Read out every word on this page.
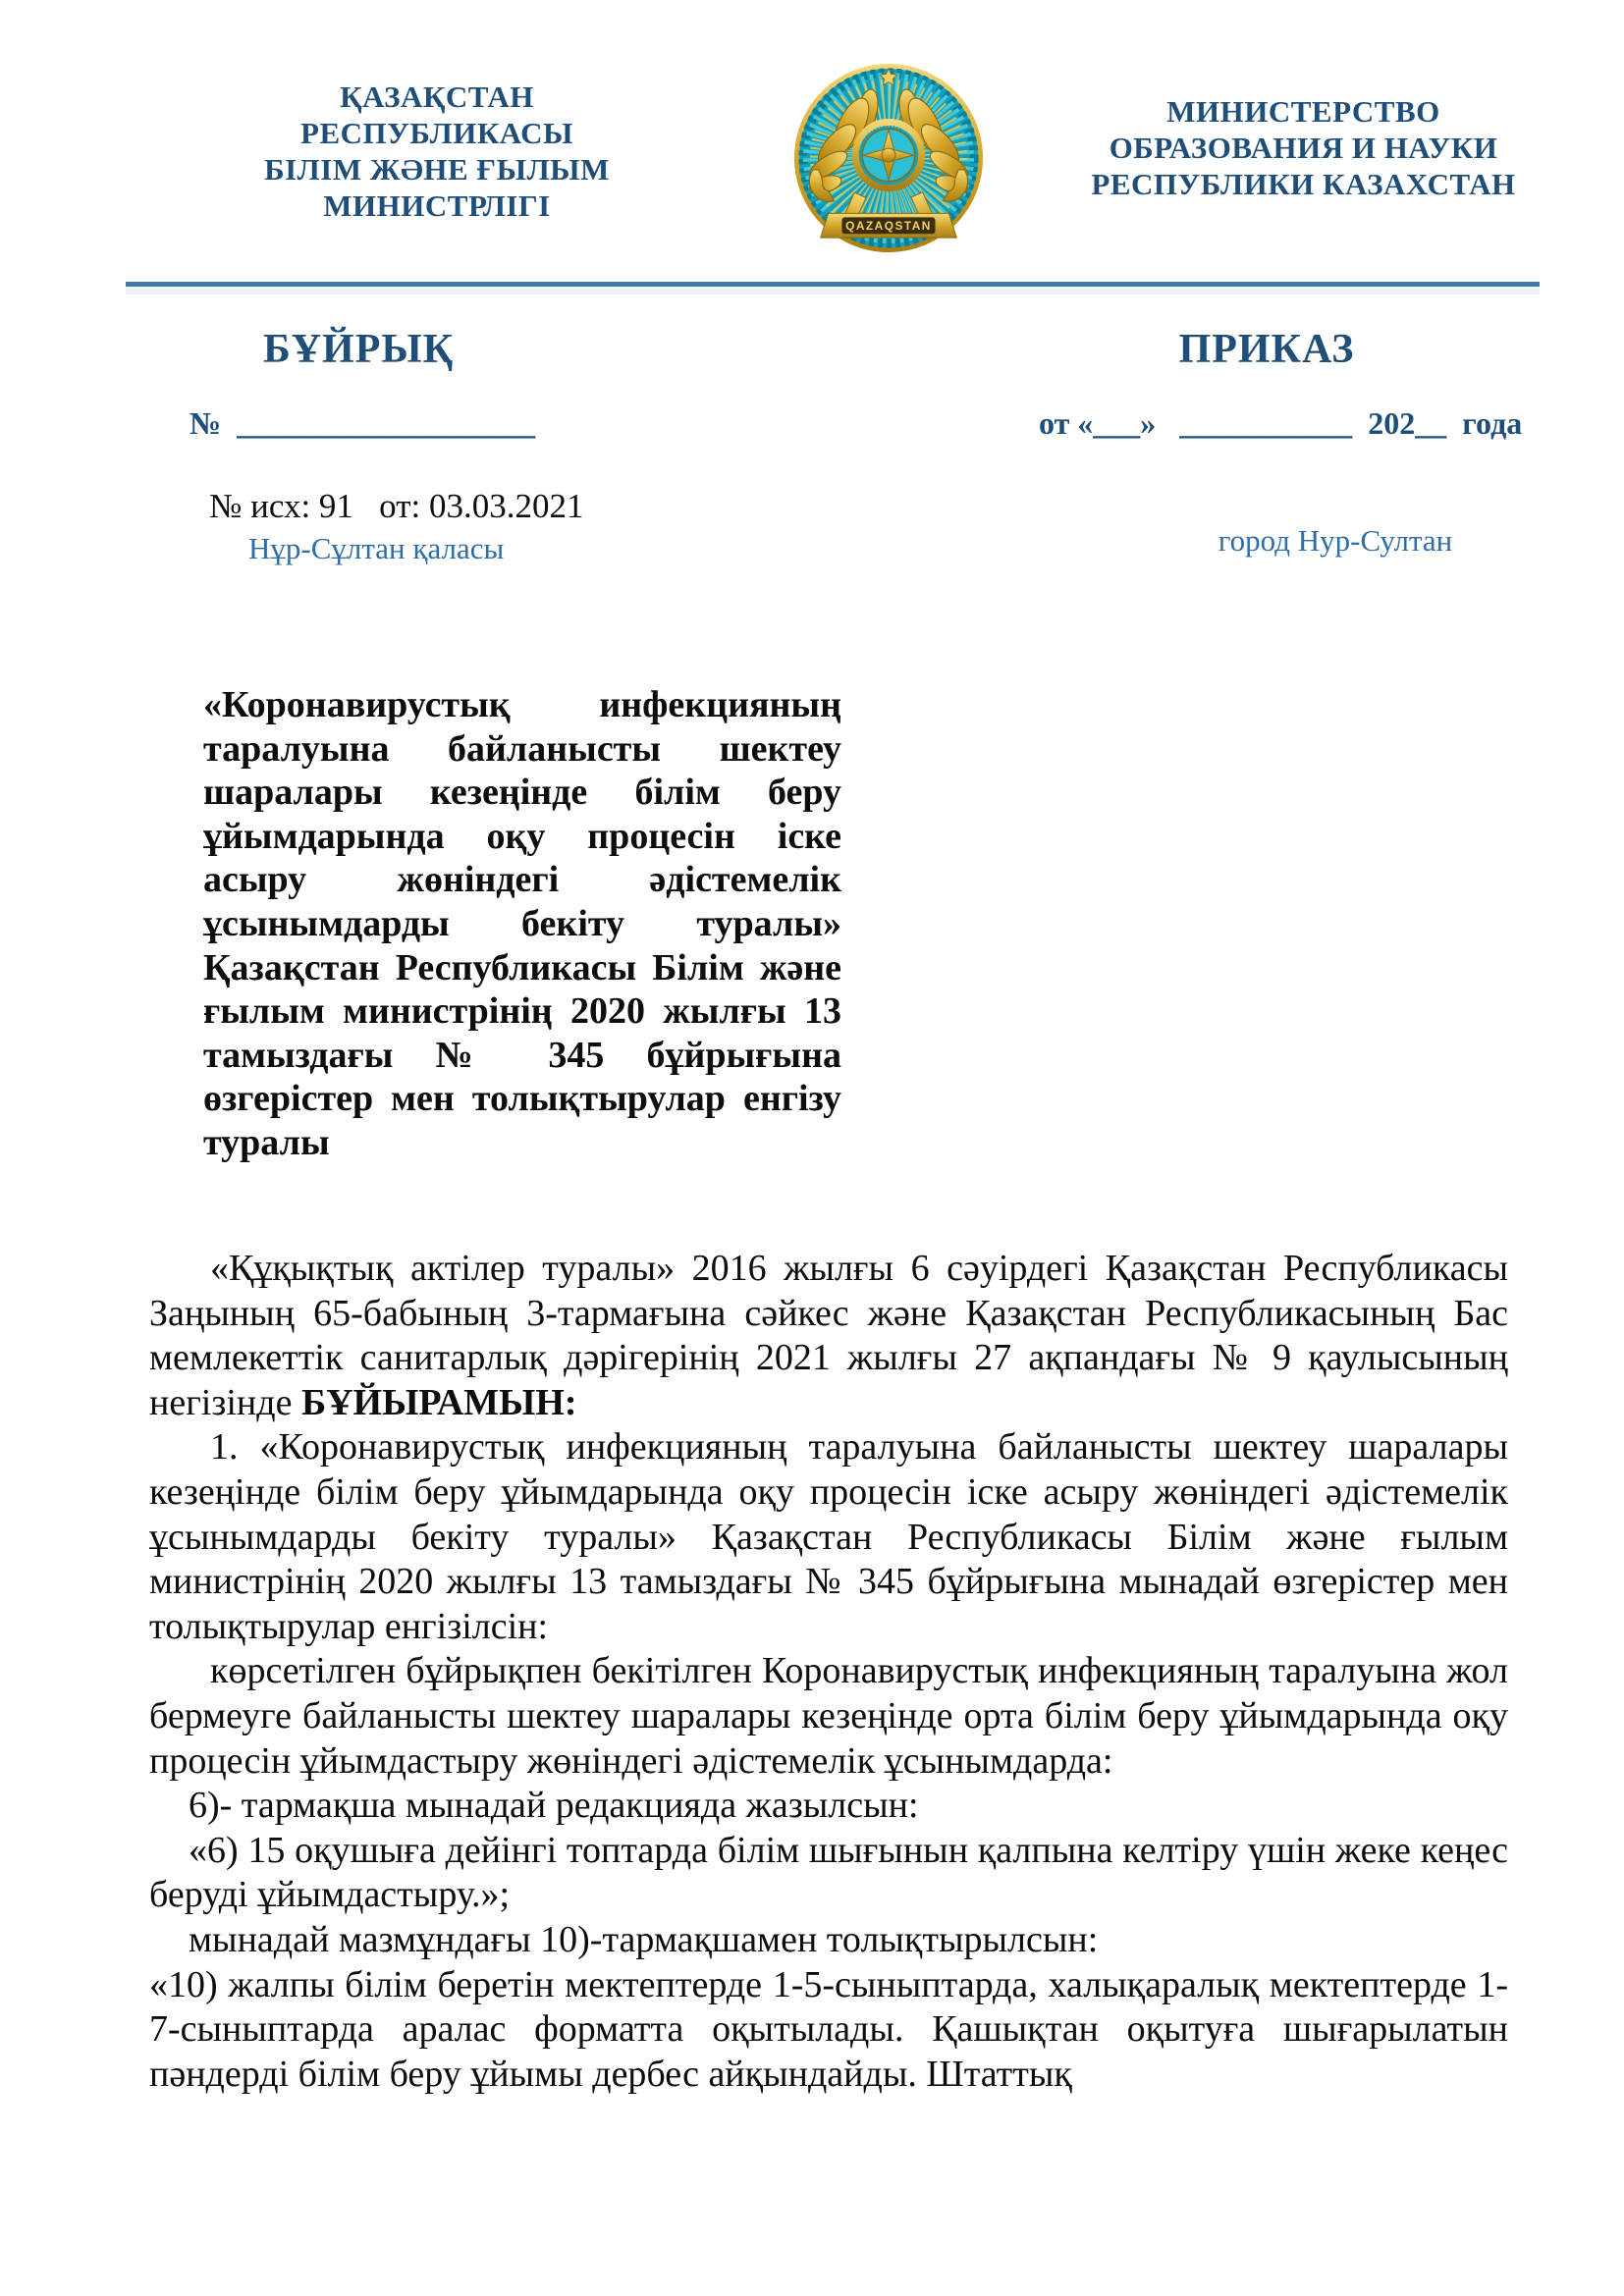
ҚАЗАҚСТАН
РЕСПУБЛИКАСЫ
БІЛІМ ЖӘНЕ ҒЫЛЫМ
МИНИСТРЛІГІ
QAZAQSTAN
МИНИСТЕРСТВО
ОБРАЗОВАНИЯ И НАУКИ
РЕСПУБЛИКИ КАЗАХСТАН
БҰЙРЫҚ	ПРИКАЗ
№  ___________________	от «___»   ___________  202__  года
№ исх: 91   от: 03.03.2021
Нұр-Сұлтан қаласы	город Нур-Султан
«Коронавирустық инфекцияның таралуына байланысты шектеу шаралары кезеңінде білім беру ұйымдарында оқу процесін іске асыру жөніндегі әдістемелік ұсынымдарды бекіту туралы» Қазақстан Республикасы Білім және ғылым министрінің 2020 жылғы 13 тамыздағы № 345 бұйрығына өзгерістер мен толықтырулар енгізу туралы

«Құқықтық актілер туралы» 2016 жылғы 6 сәуірдегі Қазақстан Республикасы Заңының 65-бабының 3-тармағына сәйкес және Қазақстан Республикасының Бас мемлекеттік санитарлық дәрігерінің 2021 жылғы 27 ақпандағы № 9 қаулысының негізінде БҰЙЫРАМЫН:

1. «Коронавирустық инфекцияның таралуына байланысты шектеу шаралары кезеңінде білім беру ұйымдарында оқу процесін іске асыру жөніндегі әдістемелік ұсынымдарды бекіту туралы» Қазақстан Республикасы Білім және ғылым министрінің 2020 жылғы 13 тамыздағы № 345 бұйрығына мынадай өзгерістер мен толықтырулар енгізілсін:

көрсетілген бұйрықпен бекітілген Коронавирустық инфекцияның таралуына жол бермеуге байланысты шектеу шаралары кезеңінде орта білім беру ұйымдарында оқу процесін ұйымдастыру жөніндегі әдістемелік ұсынымдарда:

6)- тармақша мынадай редакцияда жазылсын:

«6) 15 оқушыға дейінгі топтарда білім шығынын қалпына келтіру үшін жеке кеңес беруді ұйымдастыру.»;

мынадай мазмұндағы 10)-тармақшамен толықтырылсын:

«10) жалпы білім беретін мектептерде 1-5-сыныптарда, халықаралық мектептерде 1-7-сыныптарда аралас форматта оқытылады. Қашықтан оқытуға шығарылатын пәндерді білім беру ұйымы дербес айқындайды. Штаттық
